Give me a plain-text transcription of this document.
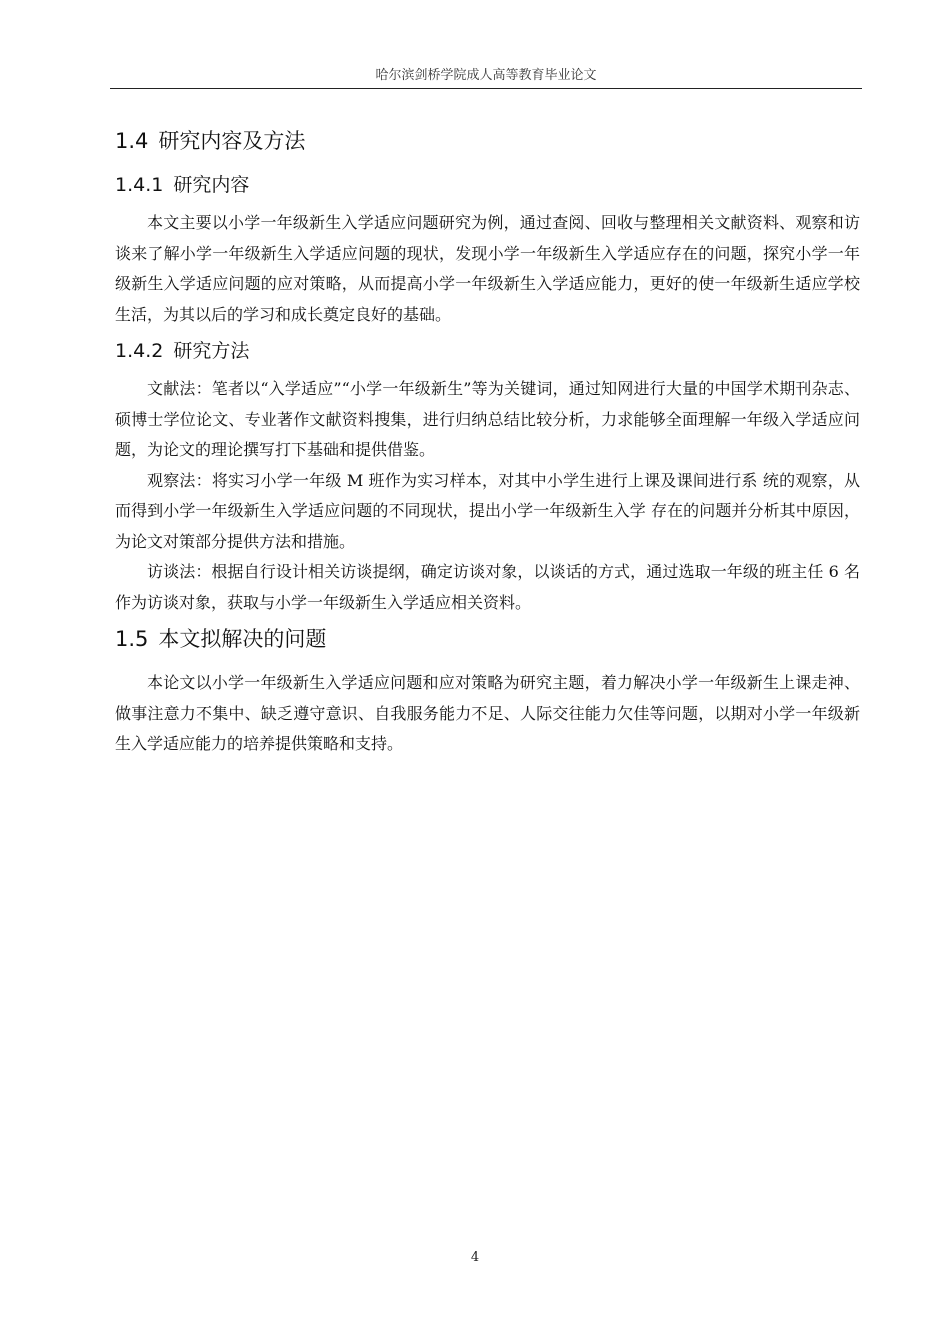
哈尔滨剑桥学院成人高等教育毕业论文
1.4 研究内容及方法
1.4.1 研究内容

本文主要以小学一年级新生入学适应问题研究为例，通过查阅、回收与整理相关文献资料、观察和访谈来了解小学一年级新生入学适应问题的现状，发现小学一年级新生入学适应存在的问题，探究小学一年级新生入学适应问题的应对策略，从而提高小学一年级新生入学适应能力，更好的使一年级新生适应学校生活，为其以后的学习和成长奠定良好的基础。

1.4.2 研究方法

文献法：笔者以“入学适应”“小学一年级新生”等为关键词，通过知网进行大量的中国学术期刊杂志、硕博士学位论文、专业著作文献资料搜集，进行归纳总结比较分析，力求能够全面理解一年级入学适应问题，为论文的理论撰写打下基础和提供借鉴。

观察法：将实习小学一年级 M 班作为实习样本，对其中小学生进行上课及课间进行系 统的观察，从而得到小学一年级新生入学适应问题的不同现状，提出小学一年级新生入学 存在的问题并分析其中原因，为论文对策部分提供方法和措施。

访谈法：根据自行设计相关访谈提纲，确定访谈对象，以谈话的方式，通过选取一年级的班主任 6 名作为访谈对象，获取与小学一年级新生入学适应相关资料。

1.5 本文拟解决的问题

本论文以小学一年级新生入学适应问题和应对策略为研究主题，着力解决小学一年级新生上课走神、做事注意力不集中、缺乏遵守意识、自我服务能力不足、人际交往能力欠佳等问题，以期对小学一年级新生入学适应能力的培养提供策略和支持。

4
